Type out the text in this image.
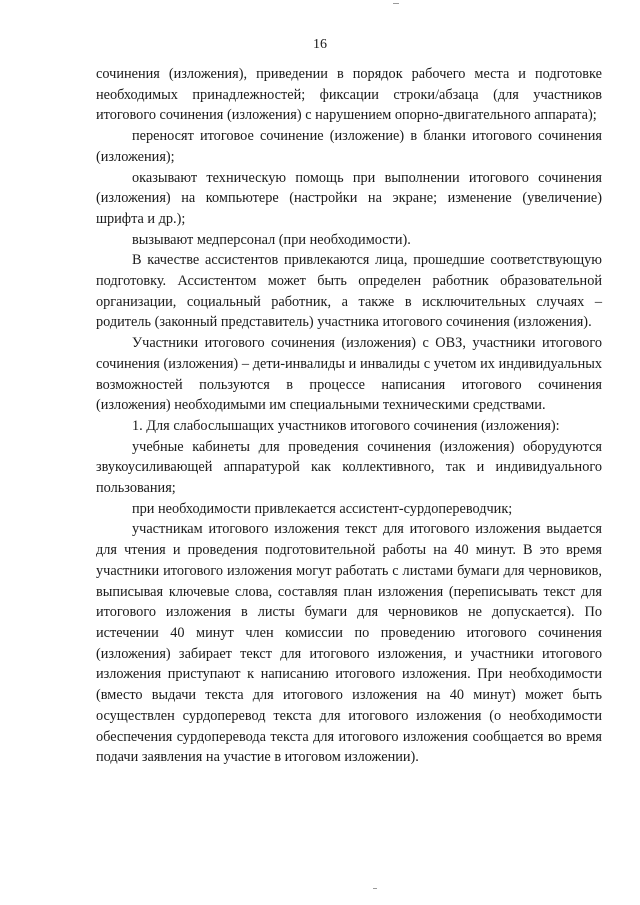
16

сочинения (изложения), приведении в порядок рабочего места и подготовке необходимых принадлежностей; фиксации строки/абзаца (для участников итогового сочинения (изложения) с нарушением опорно-двигательного аппарата);

переносят итоговое сочинение (изложение) в бланки итогового сочинения (изложения);

оказывают техническую помощь при выполнении итогового сочинения (изложения) на компьютере (настройки на экране; изменение (увеличение) шрифта и др.);

вызывают медперсонал (при необходимости).

В качестве ассистентов привлекаются лица, прошедшие соответствующую подготовку. Ассистентом может быть определен работник образовательной организации, социальный работник, а также в исключительных случаях – родитель (законный представитель) участника итогового сочинения (изложения).

Участники итогового сочинения (изложения) с ОВЗ, участники итогового сочинения (изложения) – дети-инвалиды и инвалиды с учетом их индивидуальных возможностей пользуются в процессе написания итогового сочинения (изложения) необходимыми им специальными техническими средствами.

1. Для слабослышащих участников итогового сочинения (изложения):

учебные кабинеты для проведения сочинения (изложения) оборудуются звукоусиливающей аппаратурой как коллективного, так и индивидуального пользования;

при необходимости привлекается ассистент-сурдопереводчик;

участникам итогового изложения текст для итогового изложения выдается для чтения и проведения подготовительной работы на 40 минут. В это время участники итогового изложения могут работать с листами бумаги для черновиков, выписывая ключевые слова, составляя план изложения (переписывать текст для итогового изложения в листы бумаги для черновиков не допускается). По истечении 40 минут член комиссии по проведению итогового сочинения (изложения) забирает текст для итогового изложения, и участники итогового изложения приступают к написанию итогового изложения. При необходимости (вместо выдачи текста для итогового изложения на 40 минут) может быть осуществлен сурдоперевод текста для итогового изложения (о необходимости обеспечения сурдоперевода текста для итогового изложения сообщается во время подачи заявления на участие в итоговом изложении).
